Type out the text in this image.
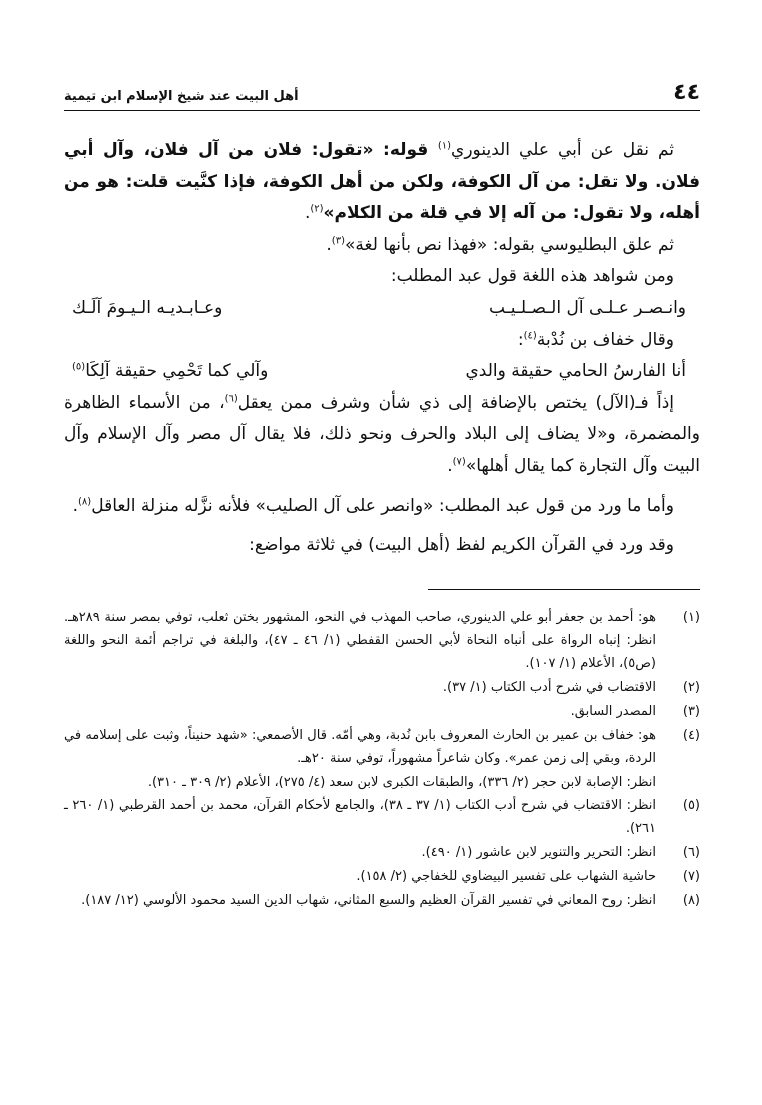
٤٤
أهل البيت عند شيخ الإسلام ابن تيمية

ثم نقل عن أبي علي الدينوري$^{(١)}$ قوله: «تقول: فلان من آل فلان، وآل أبي فلان. ولا تقل: من آل الكوفة، ولكن من أهل الكوفة، فإذا كنَّيت قلت: هو من أهله، ولا تقول: من آله إلا في قلة من الكلام»$^{(٢)}$.

ثم علق البطليوسي بقوله: «فهذا نص بأنها لغة»$^{(٣)}$.

ومن شواهد هذه اللغة قول عبد المطلب:

وانـصـر عـلـى آل الـصـلـيـب
وعـابـديـه الـيـومَ آلَـك

وقال خفاف بن نُدْبة$^{(٤)}$:

أنا الفارسُ الحامي حقيقة والدي
وآلي كما تَحْمِي حقيقة آلِكَا$^{(٥)}$

إذاً فـ(الآل) يختص بالإضافة إلى ذي شأن وشرف ممن يعقل$^{(٦)}$، من الأسماء الظاهرة والمضمرة، و«لا يضاف إلى البلاد والحرف ونحو ذلك، فلا يقال آل مصر وآل الإسلام وآل البيت وآل التجارة كما يقال أهلها»$^{(٧)}$.

وأما ما ورد من قول عبد المطلب: «وانصر على آل الصليب» فلأنه نزَّله منزلة العاقل$^{(٨)}$.

وقد ورد في القرآن الكريم لفظ (أهل البيت) في ثلاثة مواضع:

(١)
هو: أحمد بن جعفر أبو علي الدينوري، صاحب المهذب في النحو، المشهور بختن ثعلب، توفي بمصر سنة ٢٨٩هـ. انظر: إنباه الرواة على أنباه النحاة لأبي الحسن القفطي (١/ ٤٦ ـ ٤٧)، والبلغة في تراجم أئمة النحو واللغة (ص٥)، الأعلام (١/ ١٠٧).
(٢)
الاقتضاب في شرح أدب الكتاب (١/ ٣٧).
(٣)
المصدر السابق.
(٤)
هو: خفاف بن عمير بن الحارث المعروف بابن نُدبة، وهي أمّه. قال الأصمعي: «شهد حنيناً، وثبت على إسلامه في الردة، وبقي إلى زمن عمر». وكان شاعراً مشهوراً، توفي سنة ٢٠هـ.
انظر: الإصابة لابن حجر (٢/ ٣٣٦)، والطبقات الكبرى لابن سعد (٤/ ٢٧٥)، الأعلام (٢/ ٣٠٩ ـ ٣١٠).
(٥)
انظر: الاقتضاب في شرح أدب الكتاب (١/ ٣٧ ـ ٣٨)، والجامع لأحكام القرآن، محمد بن أحمد القرطبي (١/ ٢٦٠ ـ ٢٦١).
(٦)
انظر: التحرير والتنوير لابن عاشور (١/ ٤٩٠).
(٧)
حاشية الشهاب على تفسير البيضاوي للخفاجي (٢/ ١٥٨).
(٨)
انظر: روح المعاني في تفسير القرآن العظيم والسبع المثاني، شهاب الدين السيد محمود الألوسي (١٢/ ١٨٧).
